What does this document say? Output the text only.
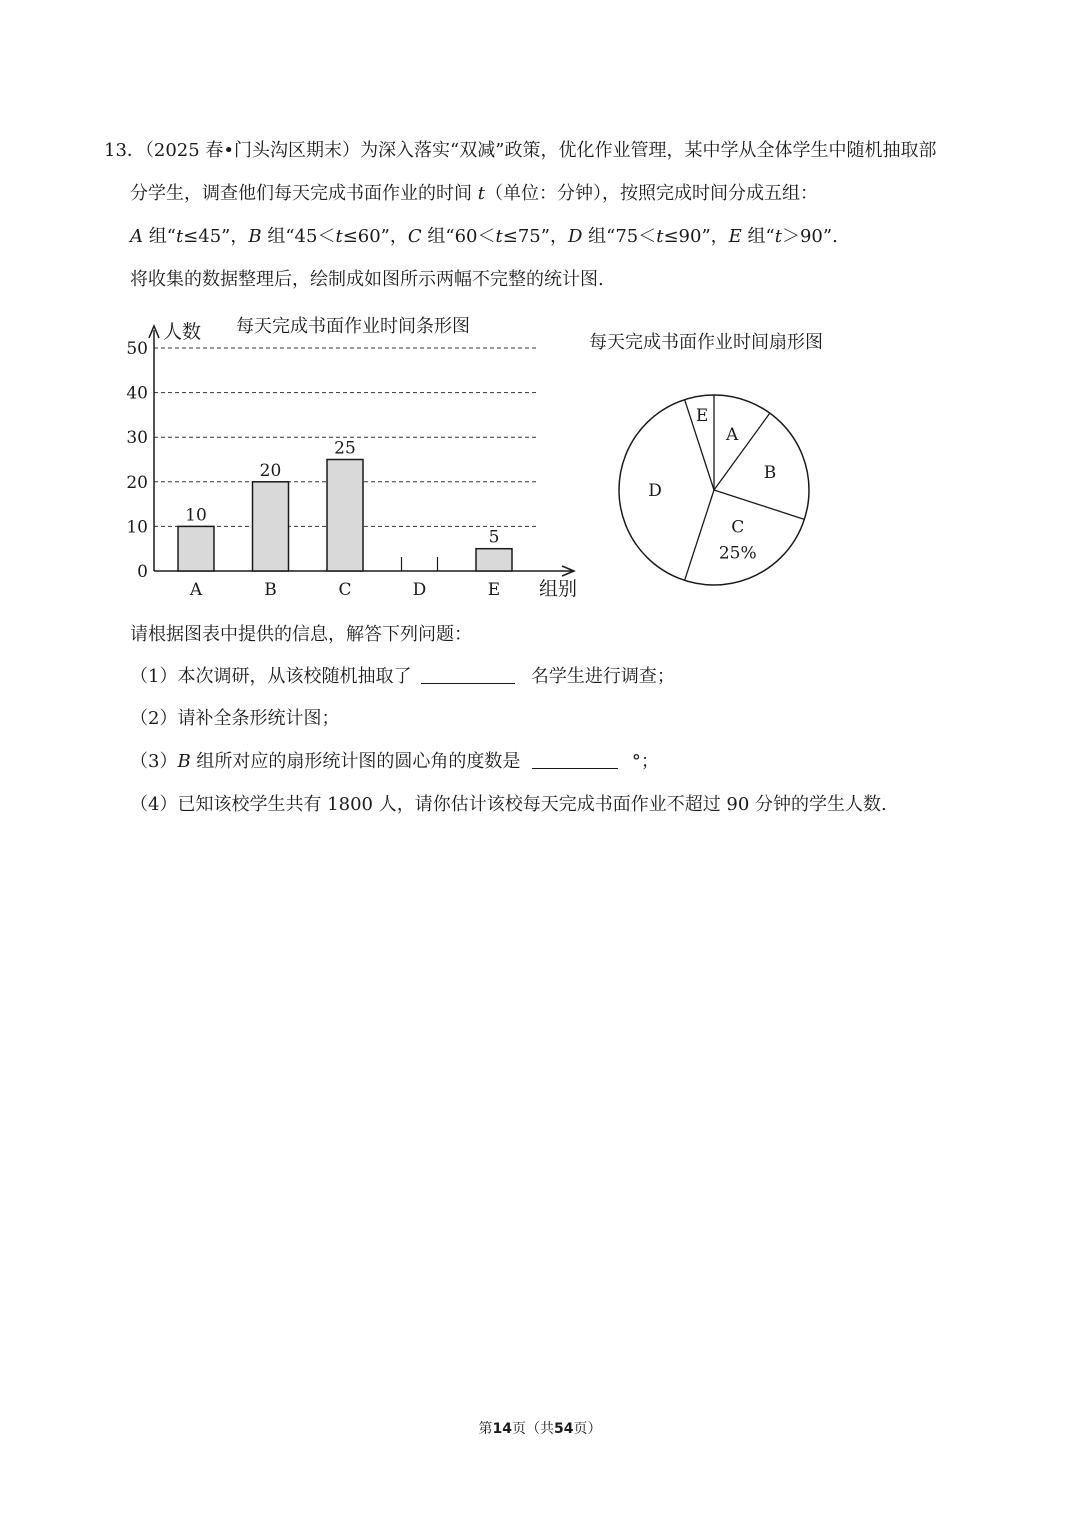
13．（2025 春•门头沟区期末）为深入落实“双减”政策，优化作业管理，某中学从全体学生中随机抽取部
分学生，调查他们每天完成书面作业的时间 t（单位：分钟），按照完成时间分成五组：
A 组“t≤45”，B 组“45＜t≤60”，C 组“60＜t≤75”，D 组“75＜t≤90”，E 组“t＞90”.
将收集的数据整理后，绘制成如图所示两幅不完整的统计图.
每天完成书面作业时间条形图
0
10
20
30
40
50
人数
组别
10
A
20
B
25
C	D
5
E
每天完成书面作业时间扇形图
A
B
C
25%
D
E
请根据图表中提供的信息，解答下列问题：
（1）本次调研，从该校随机抽取了	名学生进行调查；
（2）请补全条形统计图；
（3）B 组所对应的扇形统计图的圆心角的度数是	°；
（4）已知该校学生共有 1800 人，请你估计该校每天完成书面作业不超过 90 分钟的学生人数.
第14页（共54页）
